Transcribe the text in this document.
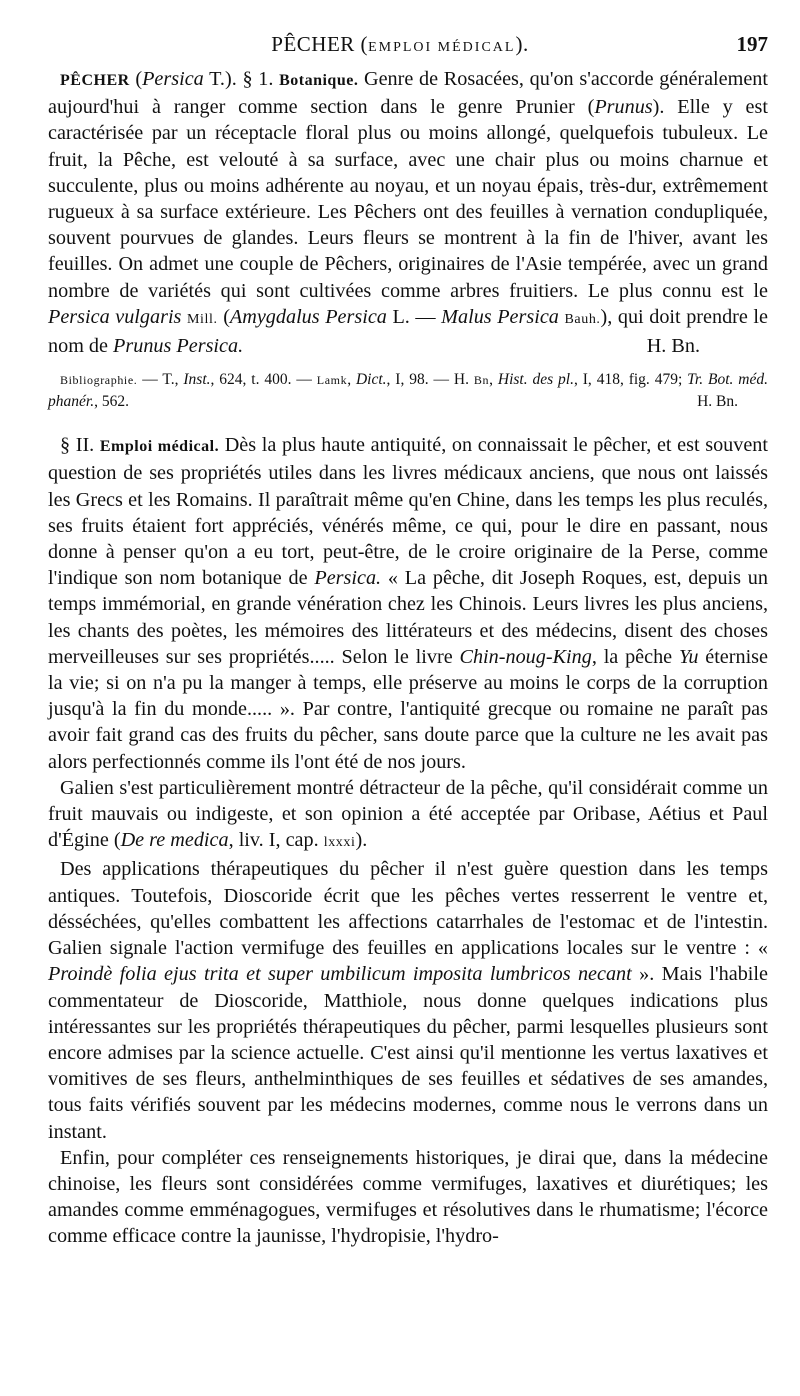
PÊCHER (EMPLOI MÉDICAL).	197

PÊCHER (Persica T.). § 1. Botanique. Genre de Rosacées, qu'on s'accorde généralement aujourd'hui à ranger comme section dans le genre Prunier (Prunus). Elle y est caractérisée par un réceptacle floral plus ou moins allongé, quelquefois tubuleux. Le fruit, la Pêche, est velouté à sa surface, avec une chair plus ou moins charnue et succulente, plus ou moins adhérente au noyau, et un noyau épais, très-dur, extrêmement rugueux à sa surface extérieure. Les Pêchers ont des feuilles à vernation condupliquée, souvent pourvues de glandes. Leurs fleurs se montrent à la fin de l'hiver, avant les feuilles. On admet une couple de Pêchers, originaires de l'Asie tempérée, avec un grand nombre de variétés qui sont cultivées comme arbres fruitiers. Le plus connu est le Persica vulgaris Mill. (Amygdalus Persica L. — Malus Persica Bauh.), qui doit prendre le nom de Prunus Persica.	H. Bn.

Bibliographie. — T., Inst., 624, t. 400. — Lamk, Dict., I, 98. — H. Bn, Hist. des pl., I, 418, fig. 479; Tr. Bot. méd. phanér., 562.	H. Bn.

§ II. Emploi médical. Dès la plus haute antiquité, on connaissait le pêcher, et est souvent question de ses propriétés utiles dans les livres médicaux anciens, que nous ont laissés les Grecs et les Romains. Il paraîtrait même qu'en Chine, dans les temps les plus reculés, ses fruits étaient fort appréciés, vénérés même, ce qui, pour le dire en passant, nous donne à penser qu'on a eu tort, peut-être, de le croire originaire de la Perse, comme l'indique son nom botanique de Persica. « La pêche, dit Joseph Roques, est, depuis un temps immémorial, en grande vénération chez les Chinois. Leurs livres les plus anciens, les chants des poètes, les mémoires des littérateurs et des médecins, disent des choses merveilleuses sur ses propriétés..... Selon le livre Chin-noug-King, la pêche Yu éternise la vie; si on n'a pu la manger à temps, elle préserve au moins le corps de la corruption jusqu'à la fin du monde..... ». Par contre, l'antiquité grecque ou romaine ne paraît pas avoir fait grand cas des fruits du pêcher, sans doute parce que la culture ne les avait pas alors perfectionnés comme ils l'ont été de nos jours.

Galien s'est particulièrement montré détracteur de la pêche, qu'il considérait comme un fruit mauvais ou indigeste, et son opinion a été acceptée par Oribase, Aétius et Paul d'Égine (De re medica, liv. I, cap. lxxxi).

Des applications thérapeutiques du pêcher il n'est guère question dans les temps antiques. Toutefois, Dioscoride écrit que les pêches vertes resserrent le ventre et, désséchées, qu'elles combattent les affections catarrhales de l'estomac et de l'intestin. Galien signale l'action vermifuge des feuilles en applications locales sur le ventre : « Proindè folia ejus trita et super umbilicum imposita lumbricos necant ». Mais l'habile commentateur de Dioscoride, Matthiole, nous donne quelques indications plus intéressantes sur les propriétés thérapeutiques du pêcher, parmi lesquelles plusieurs sont encore admises par la science actuelle. C'est ainsi qu'il mentionne les vertus laxatives et vomitives de ses fleurs, anthelminthiques de ses feuilles et sédatives de ses amandes, tous faits vérifiés souvent par les médecins modernes, comme nous le verrons dans un instant.

Enfin, pour compléter ces renseignements historiques, je dirai que, dans la médecine chinoise, les fleurs sont considérées comme vermifuges, laxatives et diurétiques; les amandes comme emménagogues, vermifuges et résolutives dans le rhumatisme; l'écorce comme efficace contre la jaunisse, l'hydropisie, l'hydro-
